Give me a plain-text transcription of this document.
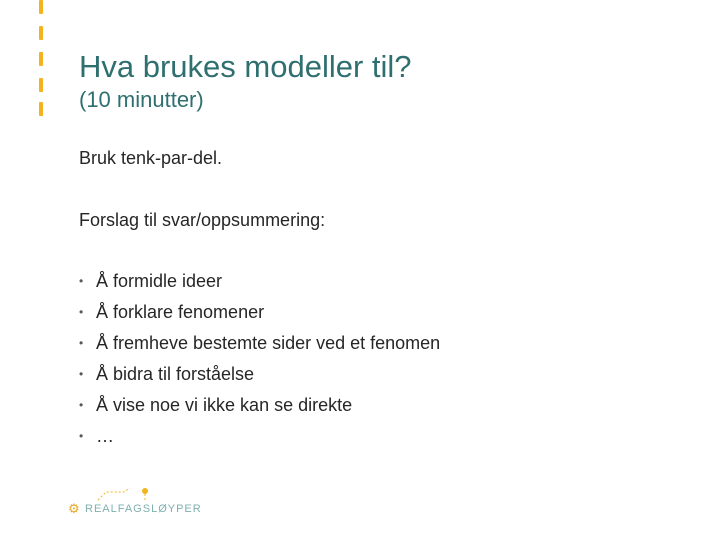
Hva brukes modeller til?
(10 minutter)
Bruk tenk-par-del.
Forslag til svar/oppsummering:
• Å formidle ideer
• Å forklare fenomener
• Å fremheve bestemte sider ved et fenomen
• Å bidra til forståelse
• Å vise noe vi ikke kan se direkte
• …
⚙ REALFAGSLØYPER
